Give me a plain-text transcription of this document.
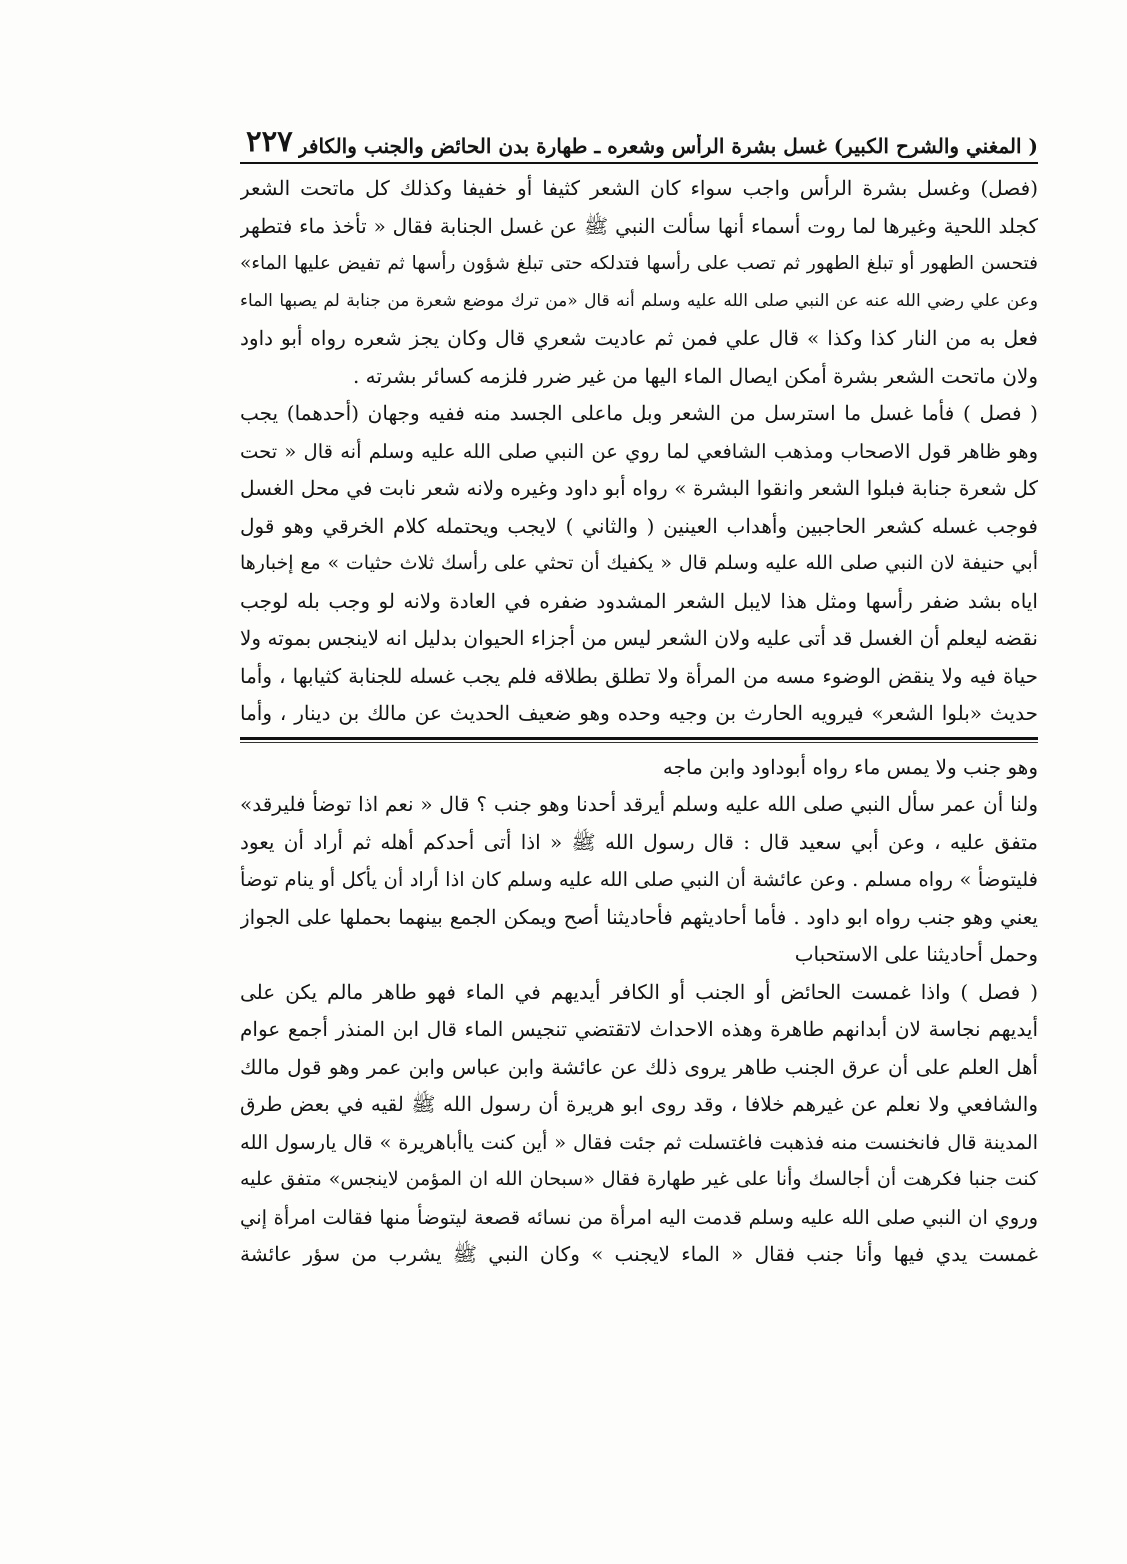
( المغني والشرح الكبير) غسل بشرة الرأس وشعره ـ طهارة بدن الحائض والجنب والكافر
٢٢٧
(فصل) وغسل بشرة الرأس واجب سواء كان الشعر كثيفا أو خفيفا وكذلك كل ماتحت الشعر
كجلد اللحية وغيرها لما روت أسماء أنها سألت النبي ﷺ عن غسل الجنابة فقال « تأخذ ماء فتطهر
فتحسن الطهور أو تبلغ الطهور ثم تصب على رأسها فتدلكه حتى تبلغ شؤون رأسها ثم تفيض عليها الماء»
وعن علي رضي الله عنه عن النبي صلى الله عليه وسلم أنه قال «من ترك موضع شعرة من جنابة لم يصبها الماء
فعل به من النار كذا وكذا » قال علي فمن ثم عاديت شعري قال وكان يجز شعره رواه أبو داود
ولان ماتحت الشعر بشرة أمكن ايصال الماء اليها من غير ضرر فلزمه كسائر بشرته .
( فصل ) فأما غسل ما استرسل من الشعر وبل ماعلى الجسد منه ففيه وجهان (أحدهما) يجب
وهو ظاهر قول الاصحاب ومذهب الشافعي لما روي عن النبي صلى الله عليه وسلم أنه قال « تحت
كل شعرة جنابة فبلوا الشعر وانقوا البشرة » رواه أبو داود وغيره ولانه شعر نابت في محل الغسل
فوجب غسله كشعر الحاجبين وأهداب العينين ( والثاني ) لايجب ويحتمله كلام الخرقي وهو قول
أبي حنيفة لان النبي صلى الله عليه وسلم قال « يكفيك أن تحثي على رأسك ثلاث حثيات » مع إخبارها
اياه بشد ضفر رأسها ومثل هذا لايبل الشعر المشدود ضفره في العادة ولانه لو وجب بله لوجب
نقضه ليعلم أن الغسل قد أتى عليه ولان الشعر ليس من أجزاء الحيوان بدليل انه لاينجس بموته ولا
حياة فيه ولا ينقض الوضوء مسه من المرأة ولا تطلق بطلاقه فلم يجب غسله للجنابة كثيابها ، وأما
حديث «بلوا الشعر» فيرويه الحارث بن وجيه وحده وهو ضعيف الحديث عن مالك بن دينار ، وأما
وهو جنب ولا يمس ماء رواه أبوداود وابن ماجه
ولنا أن عمر سأل النبي صلى الله عليه وسلم أيرقد أحدنا وهو جنب ؟ قال « نعم اذا توضأ فليرقد»
متفق عليه ، وعن أبي سعيد قال : قال رسول الله ﷺ « اذا أتى أحدكم أهله ثم أراد أن يعود
فليتوضأ » رواه مسلم . وعن عائشة أن النبي صلى الله عليه وسلم كان اذا أراد أن يأكل أو ينام توضأ
يعني وهو جنب رواه ابو داود . فأما أحاديثهم فأحاديثنا أصح ويمكن الجمع بينهما بحملها على الجواز
وحمل أحاديثنا على الاستحباب
( فصل ) واذا غمست الحائض أو الجنب أو الكافر أيديهم في الماء فهو طاهر مالم يكن على
أيديهم نجاسة لان أبدانهم طاهرة وهذه الاحداث لاتقتضي تنجيس الماء قال ابن المنذر أجمع عوام
أهل العلم على أن عرق الجنب طاهر يروى ذلك عن عائشة وابن عباس وابن عمر وهو قول مالك
والشافعي ولا نعلم عن غيرهم خلافا ، وقد روى ابو هريرة أن رسول الله ﷺ لقيه في بعض طرق
المدينة قال فانخنست منه فذهبت فاغتسلت ثم جئت فقال « أين كنت ياأباهريرة » قال يارسول الله
كنت جنبا فكرهت أن أجالسك وأنا على غير طهارة فقال «سبحان الله ان المؤمن لاينجس» متفق عليه
وروي ان النبي صلى الله عليه وسلم قدمت اليه امرأة من نسائه قصعة ليتوضأ منها فقالت امرأة إني
غمست يدي فيها وأنا جنب فقال « الماء لايجنب » وكان النبي ﷺ يشرب من سؤر عائشة
